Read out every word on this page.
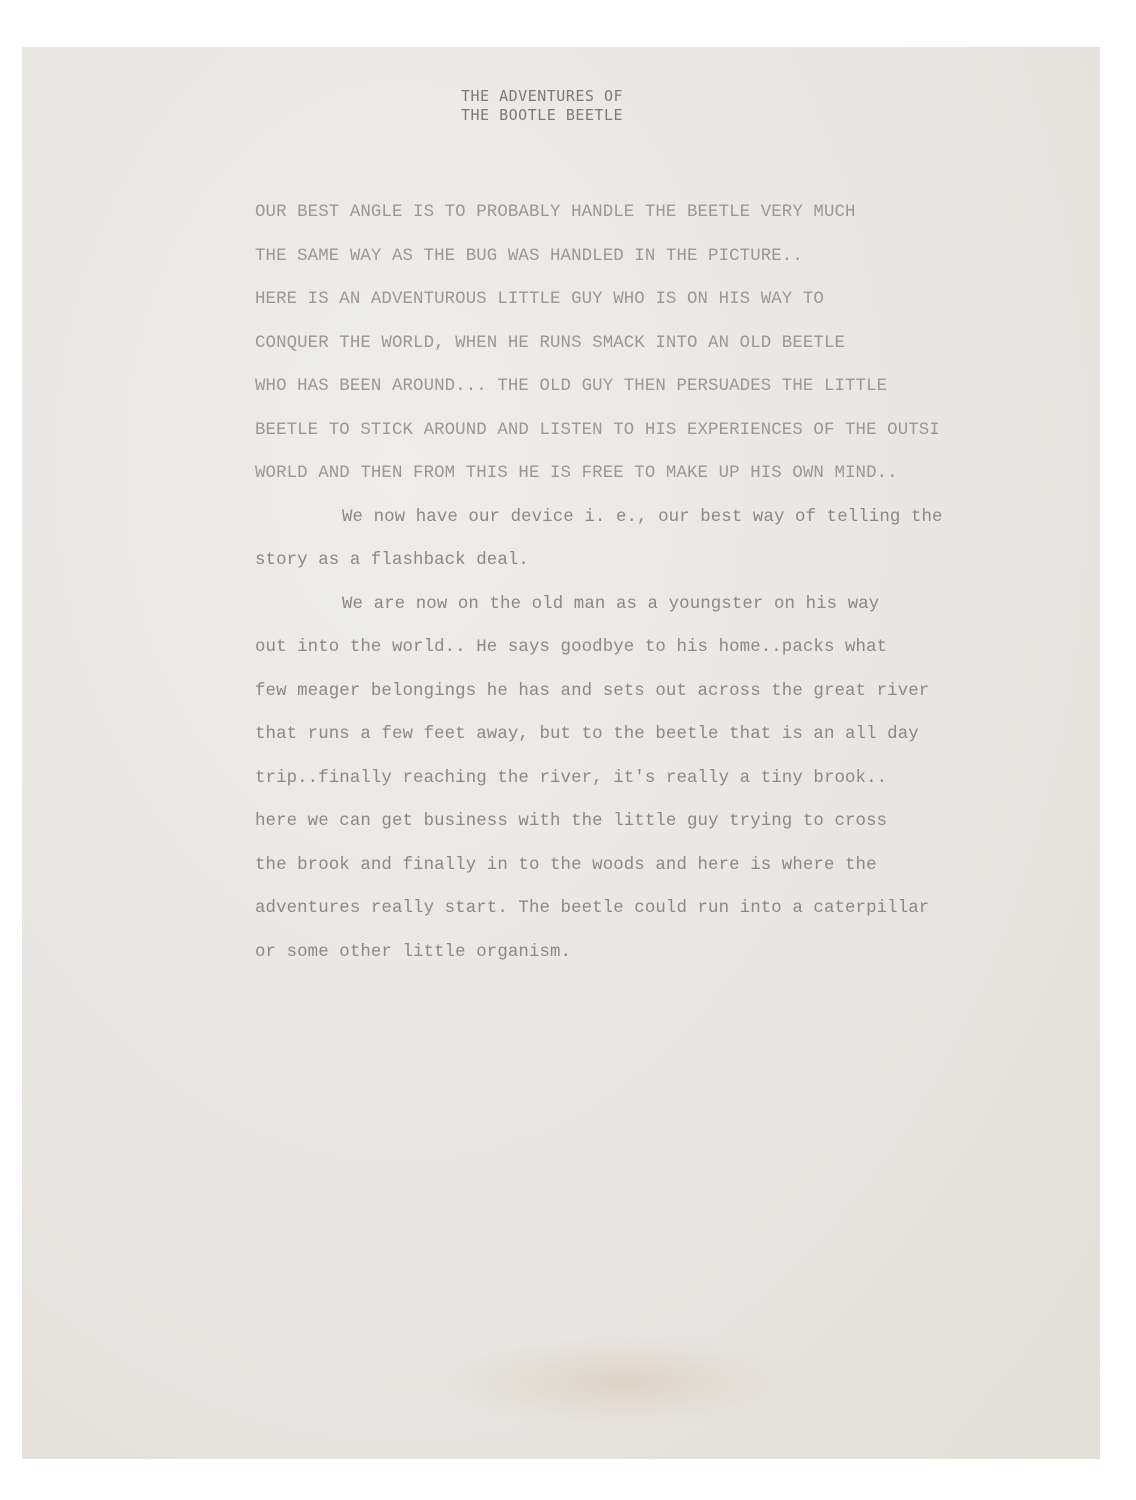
THE ADVENTURES OF
THE BOOTLE BEETLE
OUR BEST ANGLE IS TO PROBABLY HANDLE THE BEETLE VERY MUCH
THE SAME WAY AS THE BUG WAS HANDLED IN THE PICTURE..
HERE IS AN ADVENTUROUS LITTLE GUY WHO IS ON HIS WAY TO
CONQUER THE WORLD, WHEN HE RUNS SMACK INTO AN OLD BEETLE
WHO HAS BEEN AROUND... THE OLD GUY THEN PERSUADES THE LITTLE
BEETLE TO STICK AROUND AND LISTEN TO HIS EXPERIENCES OF THE OUTSI
WORLD AND THEN FROM THIS HE IS FREE TO MAKE UP HIS OWN MIND..
We now have our device i. e., our best way of telling the
story as a flashback deal.
We are now on the old man as a youngster on his way
out into the world.. He says goodbye to his home..packs what
few meager belongings he has and sets out across the great river
that runs a few feet away, but to the beetle that is an all day
trip..finally reaching the river, it's really a tiny brook..
here we can get business with the little guy trying to cross
the brook and finally in to the woods and here is where the
adventures really start. The beetle could run into a caterpillar
or some other little organism.
